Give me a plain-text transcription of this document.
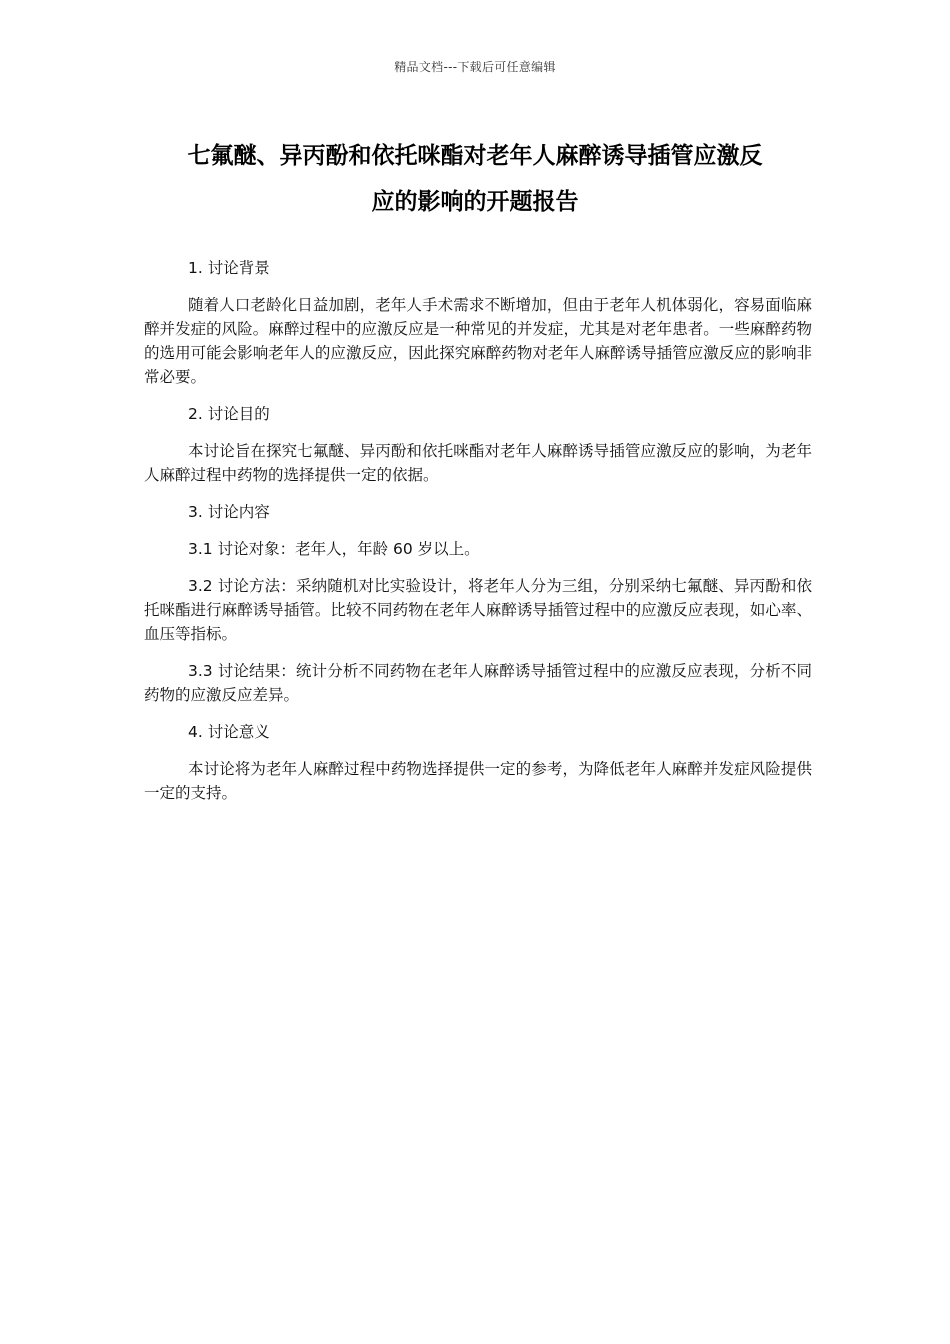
精品文档---下载后可任意编辑
七氟醚、异丙酚和依托咪酯对老年人麻醉诱导插管应激反
应的影响的开题报告
1. 讨论背景

随着人口老龄化日益加剧，老年人手术需求不断增加，但由于老年人机体弱化，容易面临麻醉并发症的风险。麻醉过程中的应激反应是一种常见的并发症，尤其是对老年患者。一些麻醉药物的选用可能会影响老年人的应激反应，因此探究麻醉药物对老年人麻醉诱导插管应激反应的影响非常必要。

2. 讨论目的

本讨论旨在探究七氟醚、异丙酚和依托咪酯对老年人麻醉诱导插管应激反应的影响，为老年人麻醉过程中药物的选择提供一定的依据。

3. 讨论内容

3.1 讨论对象：老年人，年龄 60 岁以上。

3.2 讨论方法：采纳随机对比实验设计，将老年人分为三组，分别采纳七氟醚、异丙酚和依托咪酯进行麻醉诱导插管。比较不同药物在老年人麻醉诱导插管过程中的应激反应表现，如心率、血压等指标。

3.3 讨论结果：统计分析不同药物在老年人麻醉诱导插管过程中的应激反应表现，分析不同药物的应激反应差异。

4. 讨论意义

本讨论将为老年人麻醉过程中药物选择提供一定的参考，为降低老年人麻醉并发症风险提供一定的支持。
